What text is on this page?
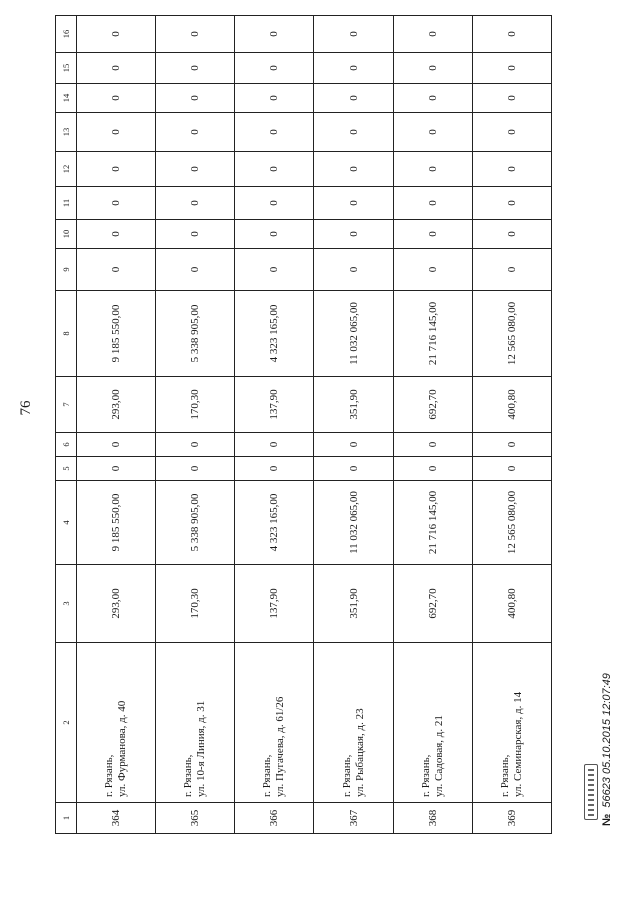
76
1	2	3	4	5	6	7	8	9	10	11	12	13	14	15	16
364	г. Рязань, ул. Фурманова, д. 40	293,00	9 185 550,00	0	0	293,00	9 185 550,00	0	0	0	0	0	0	0	0
365	г. Рязань, ул. 10-я Линия, д. 31	170,30	5 338 905,00	0	0	170,30	5 338 905,00	0	0	0	0	0	0	0	0
366	г. Рязань, ул. Пугачева, д. 61/26	137,90	4 323 165,00	0	0	137,90	4 323 165,00	0	0	0	0	0	0	0	0
367	г. Рязань, ул. Рыбацкая, д. 23	351,90	11 032 065,00	0	0	351,90	11 032 065,00	0	0	0	0	0	0	0	0
368	г. Рязань, ул. Садовая, д. 21	692,70	21 716 145,00	0	0	692,70	21 716 145,00	0	0	0	0	0	0	0	0
369	г. Рязань, ул. Семинарская, д. 14	400,80	12 565 080,00	0	0	400,80	12 565 080,00	0	0	0	0	0	0	0	0
№ 56623 05.10.2015 12:07:49
